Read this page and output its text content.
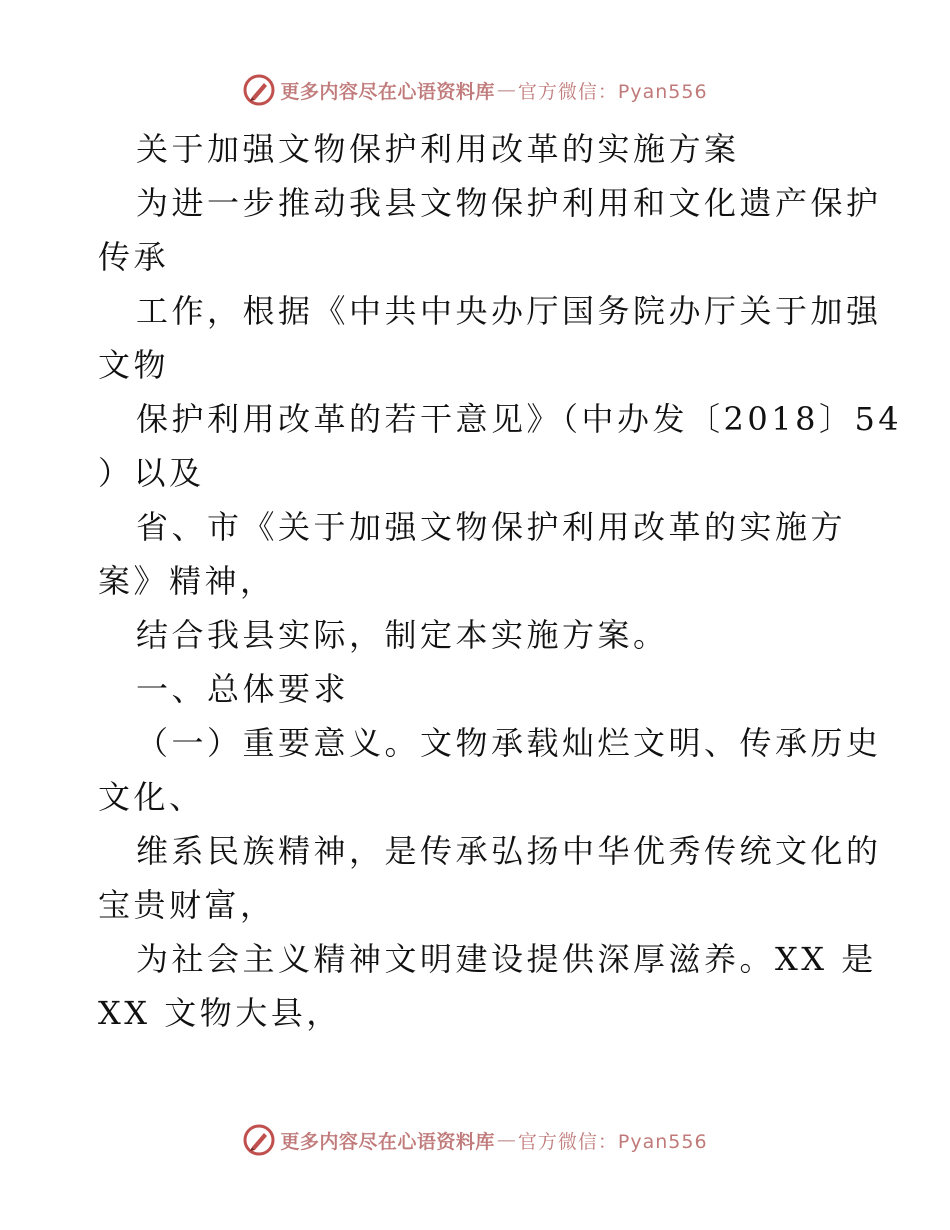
更多内容尽在心语资料库 — 官方微信：Pyan556
关于加强文物保护利用改革的实施方案
为进一步推动我县文物保护利用和文化遗产保护
传承
工作，根据《中共中央办厅国务院办厅关于加强
文物
保护利用改革的若干意见》（中办发〔2018〕54
）以及
省、市《关于加强文物保护利用改革的实施方
案》精神，
结合我县实际，制定本实施方案。
一、总体要求
（一）重要意义。文物承载灿烂文明、传承历史
文化、
维系民族精神，是传承弘扬中华优秀传统文化的
宝贵财富，
为社会主义精神文明建设提供深厚滋养。XX 是
XX 文物大县，
更多内容尽在心语资料库 — 官方微信：Pyan556
